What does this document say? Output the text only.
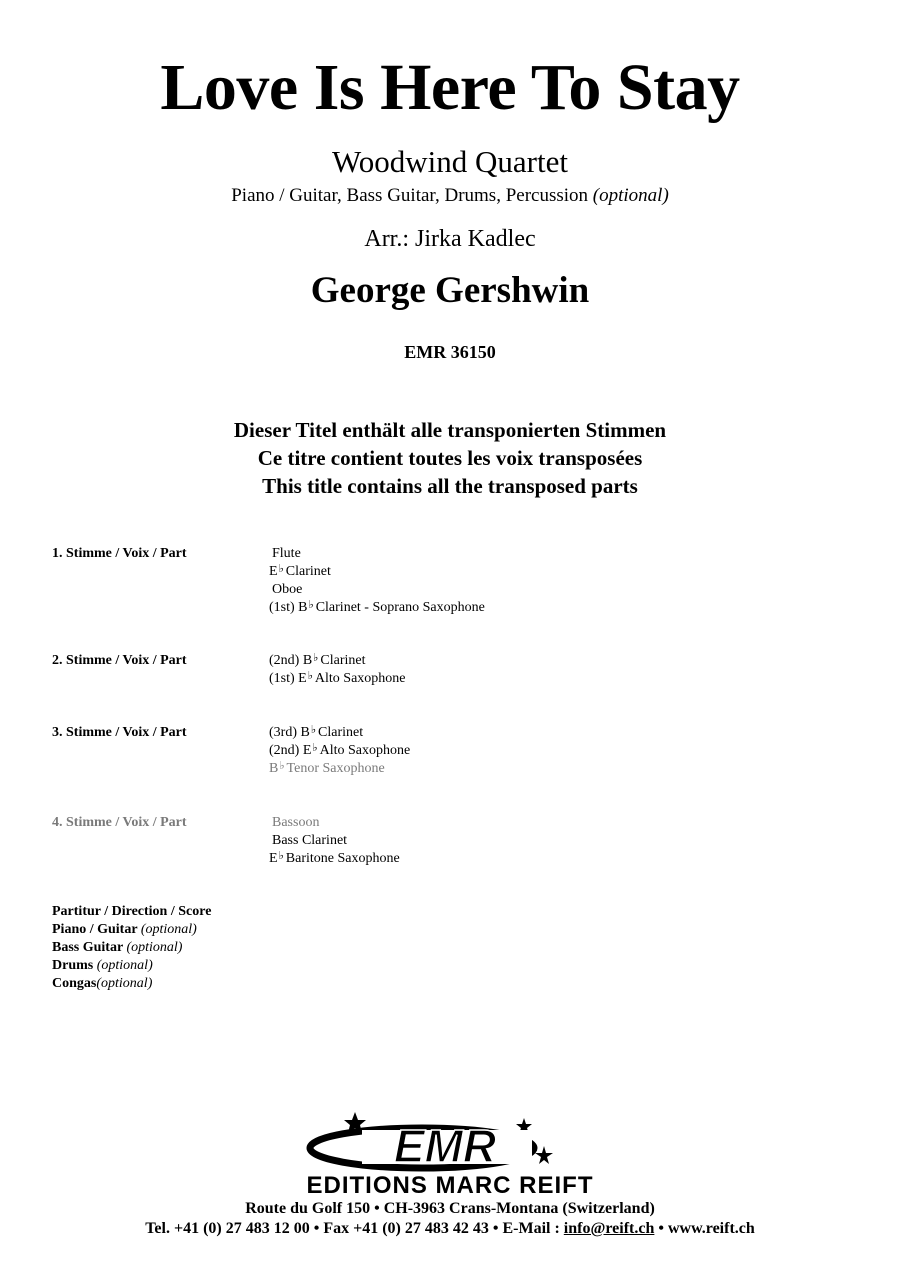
Love Is Here To Stay
Woodwind Quartet
Piano / Guitar, Bass Guitar, Drums, Percussion (optional)
Arr.: Jirka Kadlec
George Gershwin
EMR 36150
Dieser Titel enthält alle transponierten Stimmen
Ce titre contient toutes les voix transposées
This title contains all the transposed parts
1. Stimme / Voix / Part	Flute
E♭ Clarinet
Oboe
(1st) B♭ Clarinet - Soprano Saxophone
2. Stimme / Voix / Part	(2nd) B♭ Clarinet
(1st) E♭ Alto Saxophone
3. Stimme / Voix / Part	(3rd) B♭ Clarinet
(2nd) E♭ Alto Saxophone
B♭ Tenor Saxophone
4. Stimme / Voix / Part	Bassoon
Bass Clarinet
E♭ Baritone Saxophone
Partitur / Direction / Score
Piano / Guitar (optional)
Bass Guitar (optional)
Drums (optional)
Congas(optional)
EMR
EDITIONS MARC REIFT
Route du Golf 150 • CH-3963 Crans-Montana (Switzerland)
Tel. +41 (0) 27 483 12 00 • Fax +41 (0) 27 483 42 43 • E-Mail : info@reift.ch • www.reift.ch
